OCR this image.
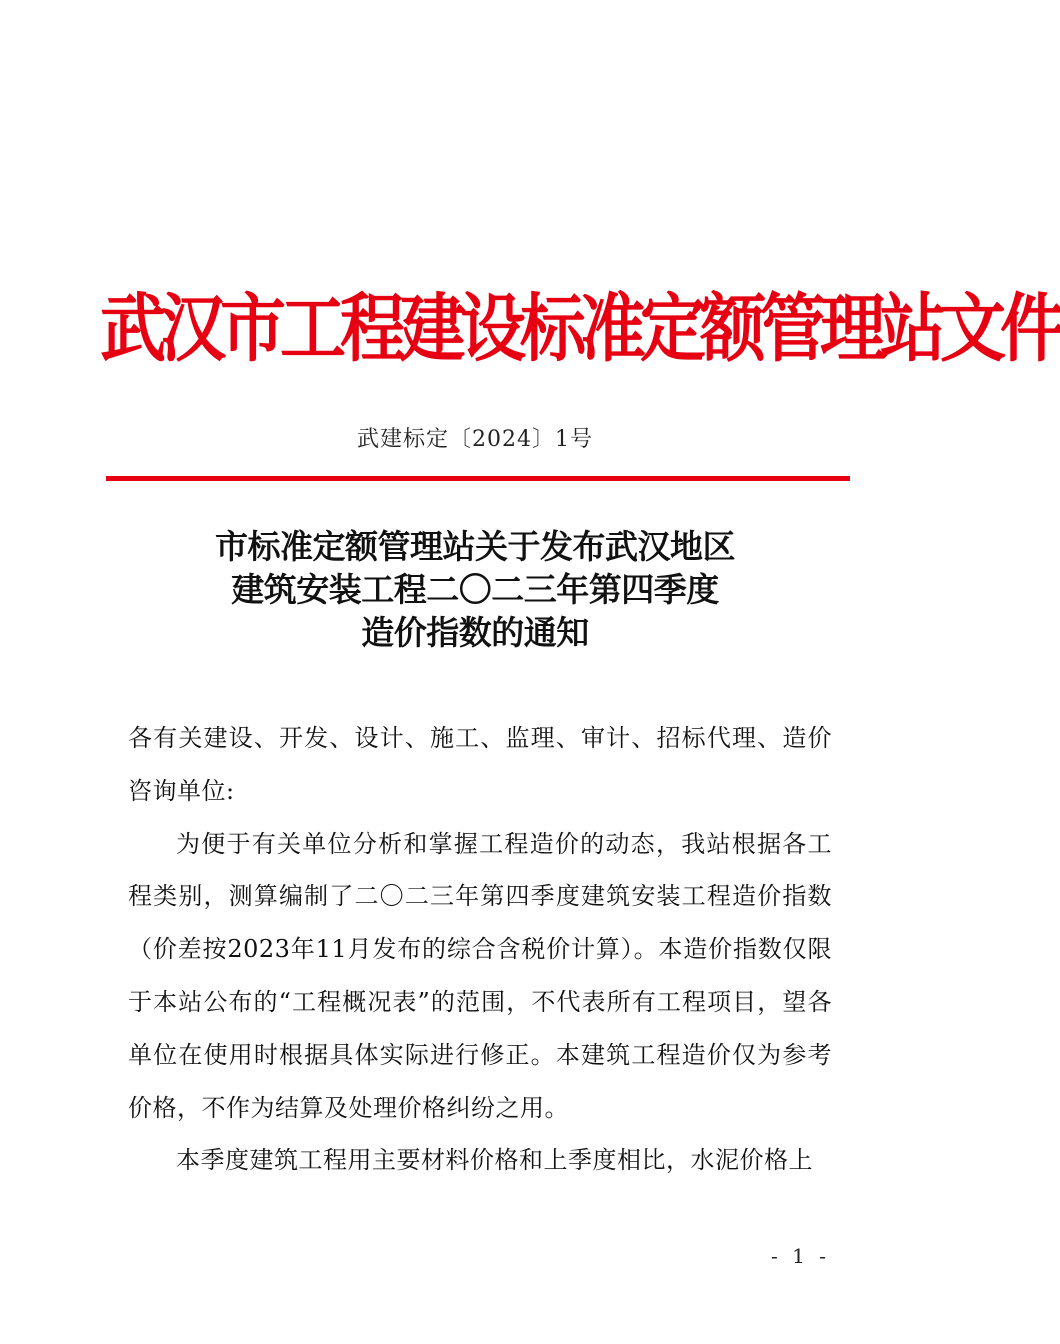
武汉市工程建设标准定额管理站文件
武建标定〔2024〕1号
市标准定额管理站关于发布武汉地区
建筑安装工程二〇二三年第四季度
造价指数的通知

各有关建设、开发、设计、施工、监理、审计、招标代理、造价咨询单位:

为便于有关单位分析和掌握工程造价的动态，我站根据各工程类别，测算编制了二〇二三年第四季度建筑安装工程造价指数（价差按2023年11月发布的综合含税价计算）。本造价指数仅限于本站公布的“工程概况表”的范围，不代表所有工程项目，望各单位在使用时根据具体实际进行修正。本建筑工程造价仅为参考价格，不作为结算及处理价格纠纷之用。

本季度建筑工程用主要材料价格和上季度相比，水泥价格上

- 1 -
